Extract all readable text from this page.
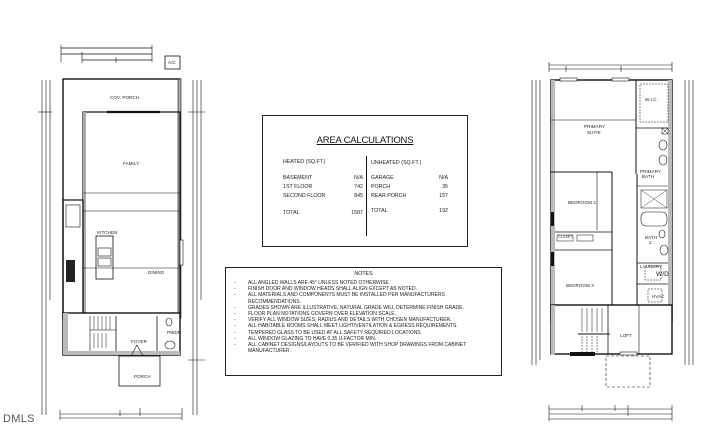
A/C
COV. PORCH
FAMILY
KITCHEN
DINING
PWDR
FOYER
PORCH
W.I.C.
PRIMARY
SUITE
PRIMARY
BATH
BEDROOM 2
BEDROOM 3
BATH
2
LAUNDRY
W/D
HVAC
LOFT
CLOSET
AREA CALCULATIONS
HEATED (SQ.FT.)
BASEMENT	N/A
1ST FLOOR	742
SECOND FLOOR	845
TOTAL	1587
UNHEATED (SQ.FT.)
GARAGE	N/A
PORCH	35
REAR PORCH	157
TOTAL	192
NOTES
- ALL ANGLED WALLS ARE 45° UNLESS NOTED OTHERWISE.
- FINISH DOOR AND WINDOW HEADS SHALL ALIGN EXCEPT AS NOTED.
- ALL MATERIALS AND COMPONENTS MUST BE INSTALLED PER MANUFACTURERS RECOMMENDATIONS.
- GRADES SHOWN ARE ILLUSTRATIVE, NATURAL GRADE WILL DETERMINE FINISH GRADE.
- FLOOR PLAN NOTATIONS GOVERN OVER ELEVATION SCALE.
- VERIFY ALL WINDOW SIZES, RADIUS AND DETAILS WITH CHOSEN MANUFACTURER.
- ALL HABITABLE ROOMS SHALL MEET LIGHT/VENTILATION & EGRESS REQUIREMENTS.
- TEMPERED GLASS TO BE USED AT ALL SAFETY REQUIRED LOCATIONS.
- ALL WINDOW GLAZING TO HAVE 0.35 U-FACTOR MIN.
- ALL CABINET DESIGNS/LAYOUTS TO BE VERIFIED WITH SHOP DRAWINGS FROM CABINET MANUFACTURER.
DMLS
